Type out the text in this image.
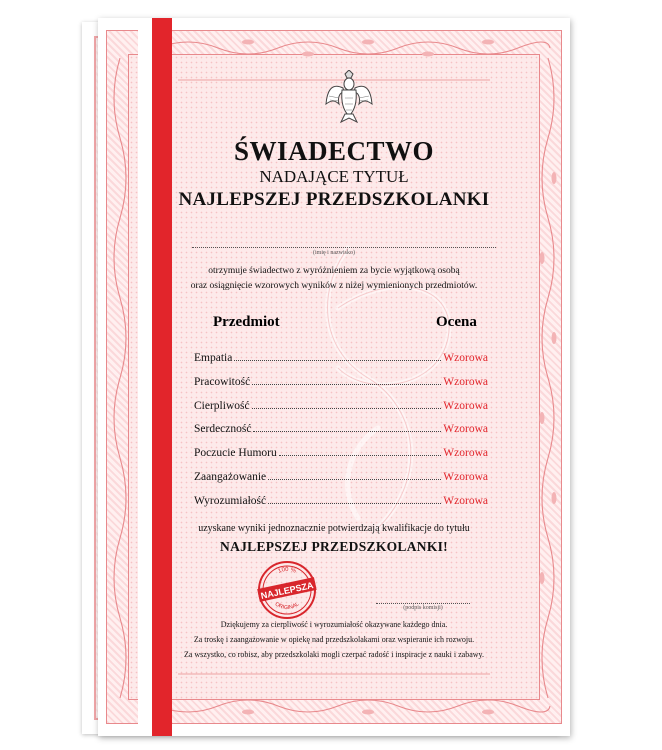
ŚWIADECTWO
NADAJĄCE TYTUŁ
NAJLEPSZEJ PRZEDSZKOLANKI
(imię i nazwisko)
otrzymuje świadectwo z wyróżnieniem za bycie wyjątkową osobą
oraz osiągnięcie wzorowych wyników z niżej wymienionych przedmiotów.
Przedmiot	Ocena
Empatia	Wzorowa
Pracowitość	Wzorowa
Cierpliwość	Wzorowa
Serdeczność	Wzorowa
Poczucie Humoru	Wzorowa
Zaangażowanie	Wzorowa
Wyrozumiałość	Wzorowa
uzyskane wyniki jednoznacznie potwierdzają kwalifikacje do tytułu
NAJLEPSZEJ PRZEDSZKOLANKI!
100 %
ORIGINAL
NAJLEPSZA
(podpis komisji)
Dziękujemy za cierpliwość i wyrozumiałość okazywane każdego dnia.
Za troskę i zaangażowanie w opiekę nad przedszkolakami oraz wspieranie ich rozwoju.
Za wszystko, co robisz, aby przedszkolaki mogli czerpać radość i inspiracje z nauki i zabawy.
